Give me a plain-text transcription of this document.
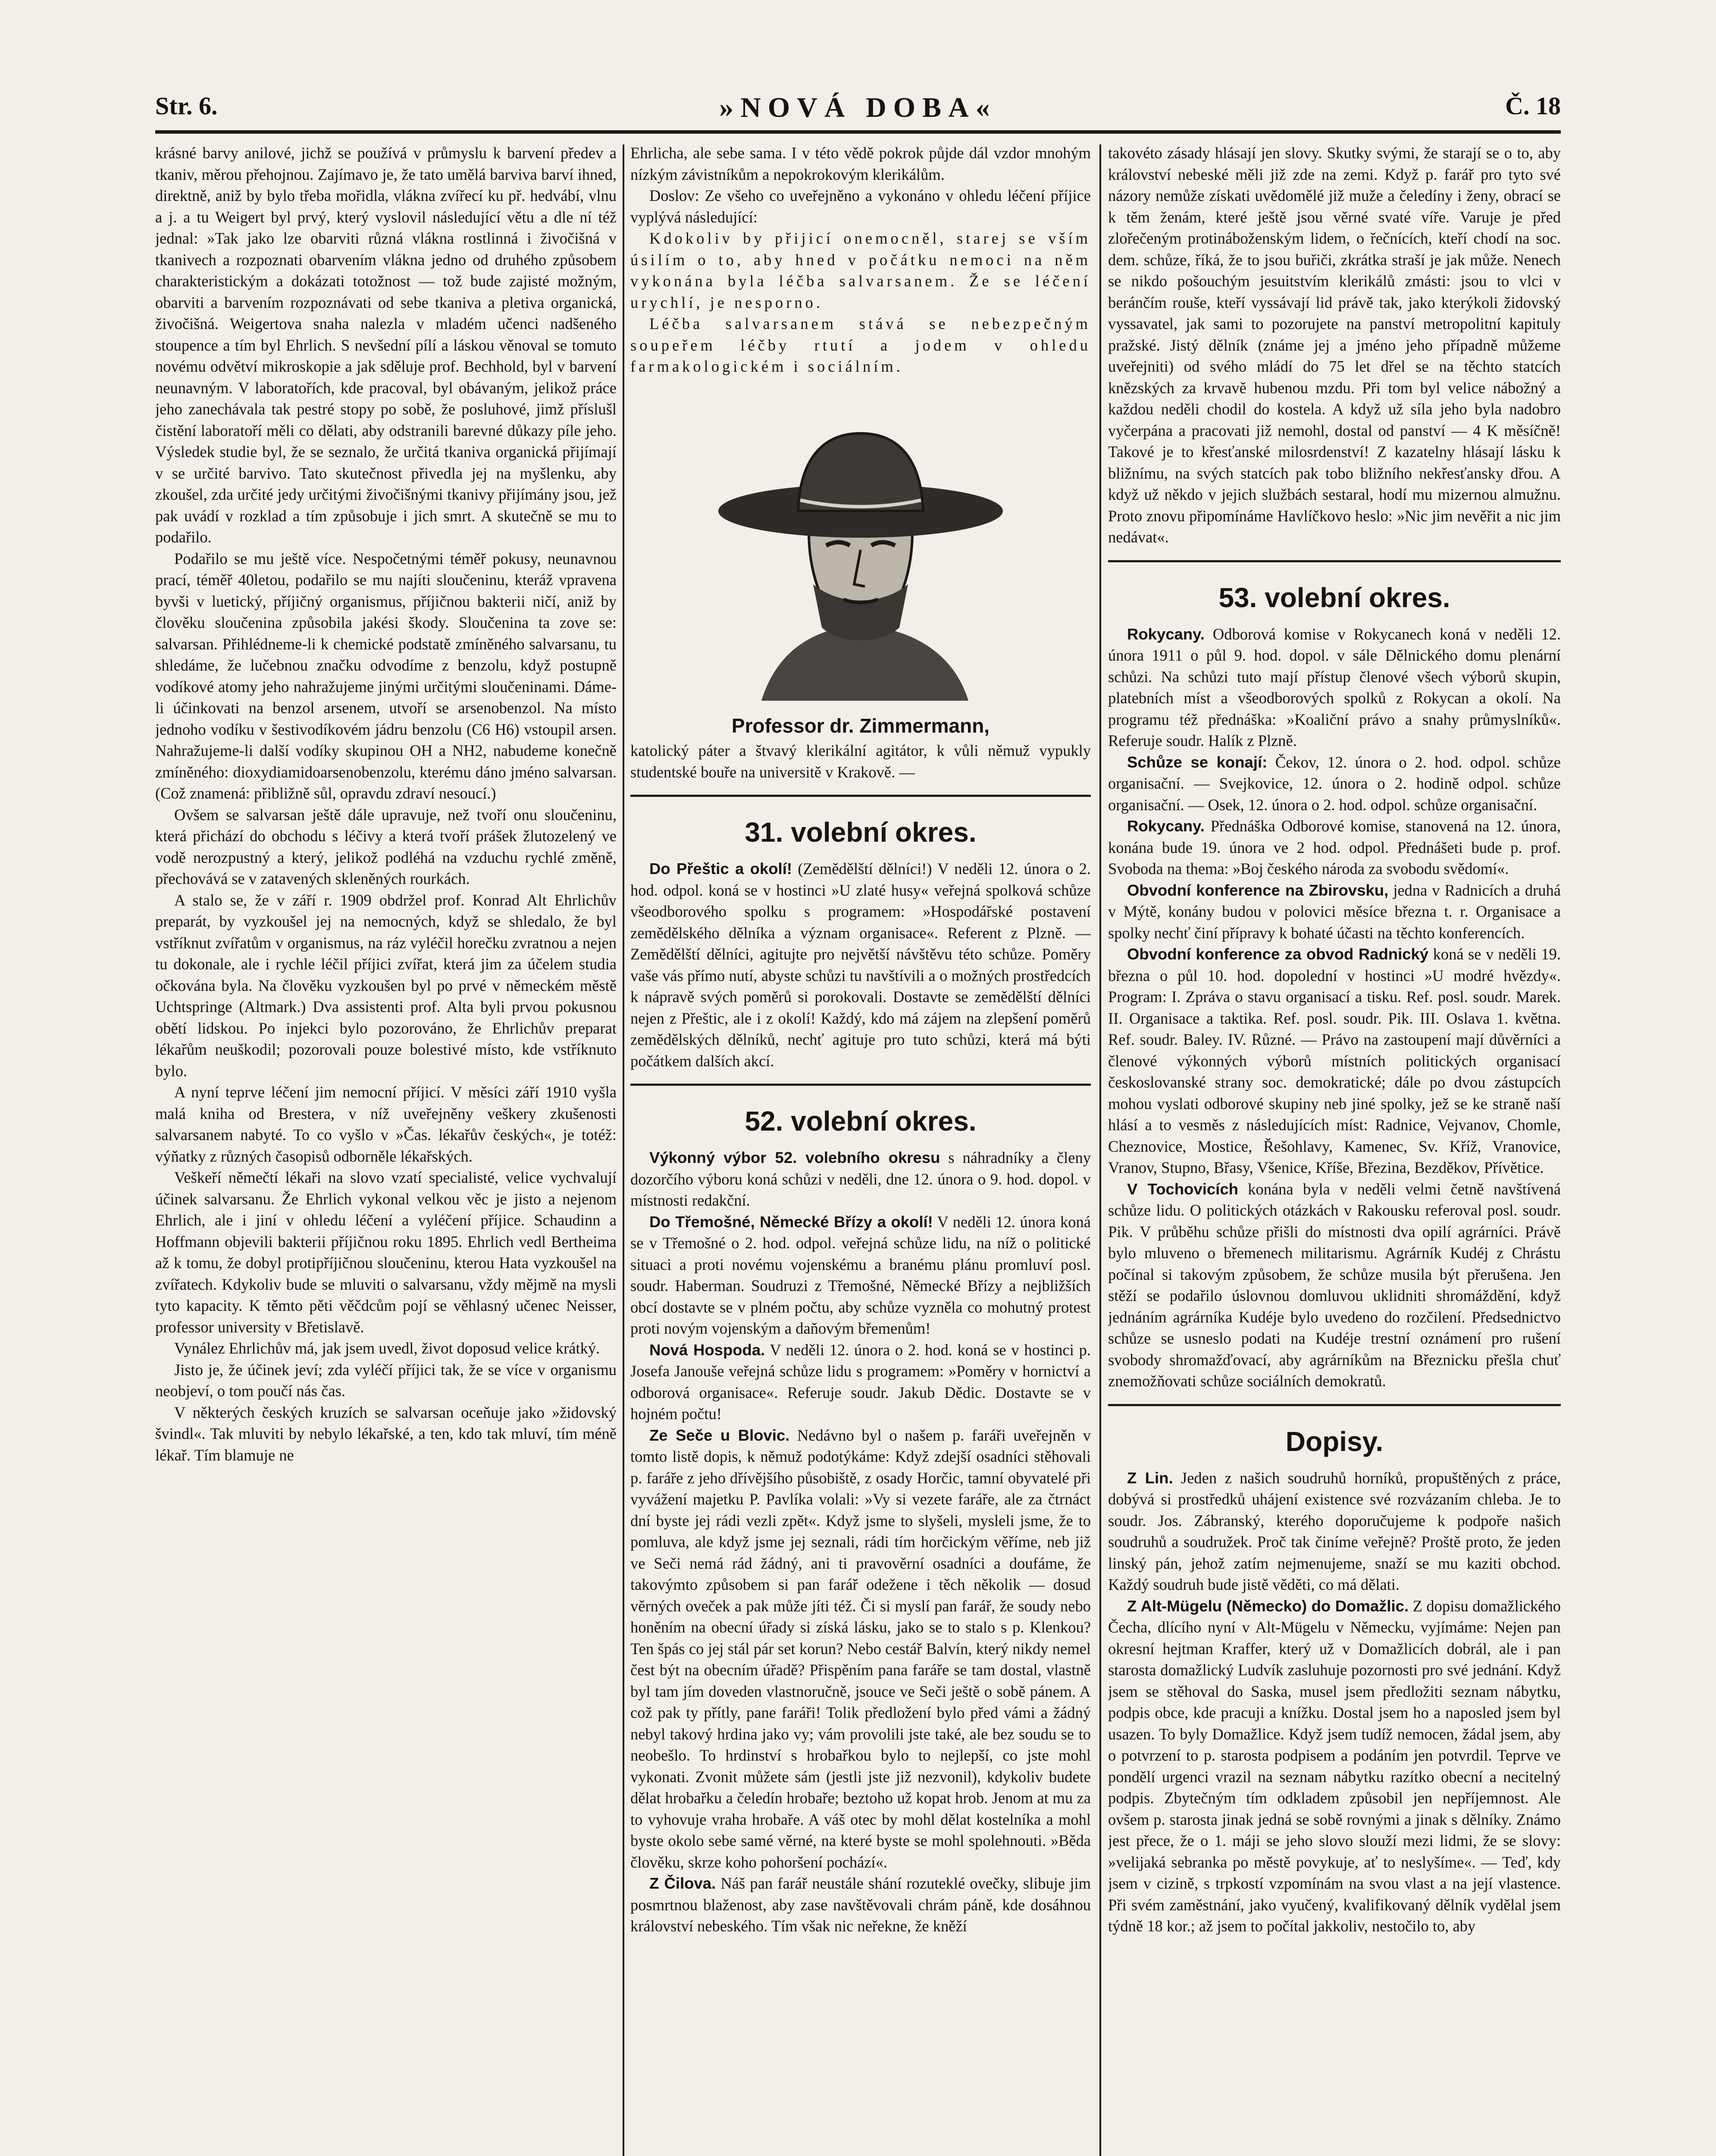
Str. 6.	»NOVÁ DOBA«	Č. 18

krásné barvy anilové, jichž se používá v průmyslu k barvení předev a tkaniv, měrou přehojnou. Zajímavo je, že tato umělá barviva barví ihned, direktně, aniž by bylo třeba mořidla, vlákna zvířecí ku př. hedvábí, vlnu a j. a tu Weigert byl prvý, který vyslovil následující větu a dle ní též jednal: »Tak jako lze obarviti různá vlákna rostlinná i živočišná v tkanivech a rozpoznati obarvením vlákna jedno od druhého způsobem charakteristickým a dokázati totožnost — tož bude zajisté možným, obarviti a barvením rozpoznávati od sebe tkaniva a pletiva organická, živočišná. Weigertova snaha nalezla v mladém učenci nadšeného stoupence a tím byl Ehrlich. S nevšední pílí a láskou věnoval se tomuto novému odvětví mikroskopie a jak sděluje prof. Bechhold, byl v barvení neunavným. V laboratořích, kde pracoval, byl obávaným, jelikož práce jeho zanechávala tak pestré stopy po sobě, že posluhové, jimž příslušl čistění laboratoří měli co dělati, aby odstranili barevné důkazy píle jeho. Výsledek studie byl, že se seznalo, že určitá tkaniva organická přijímají v se určité barvivo. Tato skutečnost přivedla jej na myšlenku, aby zkoušel, zda určité jedy určitými živočišnými tkanivy přijímány jsou, jež pak uvádí v rozklad a tím způsobuje i jich smrt. A skutečně se mu to podařilo.

Podařilo se mu ještě více. Nespočetnými téměř pokusy, neunavnou prací, téměř 40letou, podařilo se mu najíti sloučeninu, kteráž vpravena byvši v luetický, příjičný organismus, příjičnou bakterii ničí, aniž by člověku sloučenina způsobila jakési škody. Sloučenina ta zove se: salvarsan. Přihlédneme-li k chemické podstatě zmíněného salvarsanu, tu shledáme, že lučebnou značku odvodíme z benzolu, když postupně vodíkové atomy jeho nahražujeme jinými určitými sloučeninami. Dáme-li účinkovati na benzol arsenem, utvoří se arsenobenzol. Na místo jednoho vodíku v šestivodíkovém jádru benzolu (C6 H6) vstoupil arsen. Nahražujeme-li další vodíky skupinou OH a NH2, nabudeme konečně zmíněného: dioxydiamidoarsenobenzolu, kterému dáno jméno salvarsan. (Což znamená: přibližně sůl, opravdu zdraví nesoucí.)

Ovšem se salvarsan ještě dále upravuje, než tvoří onu sloučeninu, která přichází do obchodu s léčivy a která tvoří prášek žlutozelený ve vodě nerozpustný a který, jelikož podléhá na vzduchu rychlé změně, přechovává se v zatavených skleněných rourkách.

A stalo se, že v září r. 1909 obdržel prof. Konrad Alt Ehrlichův preparát, by vyzkoušel jej na nemocných, když se shledalo, že byl vstříknut zvířatům v organismus, na ráz vyléčil horečku zvratnou a nejen tu dokonale, ale i rychle léčil příjici zvířat, která jim za účelem studia očkována byla. Na člověku vyzkoušen byl po prvé v německém městě Uchtspringe (Altmark.) Dva assistenti prof. Alta byli prvou pokusnou obětí lidskou. Po injekci bylo pozorováno, že Ehrlichův preparat lékařům neuškodil; pozorovali pouze bolestivé místo, kde vstříknuto bylo.

A nyní teprve léčení jim nemocní příjicí. V měsíci září 1910 vyšla malá kniha od Brestera, v níž uveřejněny veškery zkušenosti salvarsanem nabyté. To co vyšlo v »Čas. lékařův českých«, je totéž: výňatky z různých časopisů odborněle lékařských.

Veškeří němečtí lékaři na slovo vzatí specialisté, velice vychvalují účinek salvarsanu. Že Ehrlich vykonal velkou věc je jisto a nejenom Ehrlich, ale i jiní v ohledu léčení a vyléčení příjice. Schaudinn a Hoffmann objevili bakterii příjičnou roku 1895. Ehrlich vedl Bertheima až k tomu, že dobyl protipříjičnou sloučeninu, kterou Hata vyzkoušel na zvířatech. Kdykoliv bude se mluviti o salvarsanu, vždy mějmě na mysli tyto kapacity. K těmto pěti věčdcům pojí se věhlasný učenec Neisser, professor university v Břetislavě.

Vynález Ehrlichův má, jak jsem uvedl, život doposud velice krátký.

Jisto je, že účinek jeví; zda vyléčí příjici tak, že se více v organismu neobjeví, o tom poučí nás čas.

V některých českých kruzích se salvarsan oceňuje jako »židovský švindl«. Tak mluviti by nebylo lékařské, a ten, kdo tak mluví, tím méně lékař. Tím blamuje ne

Ehrlicha, ale sebe sama. I v této vědě pokrok půjde dál vzdor mnohým nízkým závistníkům a nepokrokovým klerikálům.

Doslov: Ze všeho co uveřejněno a vykonáno v ohledu léčení příjice vyplývá následující:

Kdokoliv by přijicí onemocněl, starej se vším úsilím o to, aby hned v počátku nemoci na něm vykonána byla léčba salvarsanem. Že se léčení urychlí, je nesporno.

Léčba salvarsanem stává se nebezpečným soupeřem léčby rtutí a jodem v ohledu farmakologickém i sociálním.

Professor dr. Zimmermann,

katolický páter a štvavý klerikální agitátor, k vůli němuž vypukly studentské bouře na universitě v Krakově. —

31. volební okres.

Do Přeštic a okolí! (Zemědělští dělníci!) V neděli 12. února o 2. hod. odpol. koná se v hostinci »U zlaté husy« veřejná spolková schůze všeodborového spolku s programem: »Hospodářské postavení zemědělského dělníka a význam organisace«. Referent z Plzně. — Zemědělští dělníci, agitujte pro největší návštěvu této schůze. Poměry vaše vás přímo nutí, abyste schůzi tu navštívili a o možných prostředcích k nápravě svých poměrů si porokovali. Dostavte se zemědělští dělníci nejen z Přeštic, ale i z okolí! Každý, kdo má zájem na zlepšení poměrů zemědělských dělníků, nechť agituje pro tuto schůzi, která má býti počátkem dalších akcí.

52. volební okres.

Výkonný výbor 52. volebního okresu s náhradníky a členy dozorčího výboru koná schůzi v neděli, dne 12. února o 9. hod. dopol. v místnosti redakční.

Do Třemošné, Německé Břízy a okolí! V neděli 12. února koná se v Třemošné o 2. hod. odpol. veřejná schůze lidu, na níž o politické situaci a proti novému vojenskému a branému plánu promluví posl. soudr. Haberman. Soudruzi z Třemošné, Německé Břízy a nejbližších obcí dostavte se v plném počtu, aby schůze vyzněla co mohutný protest proti novým vojenským a daňovým břemenům!

Nová Hospoda. V neděli 12. února o 2. hod. koná se v hostinci p. Josefa Janouše veřejná schůze lidu s programem: »Poměry v hornictví a odborová organisace«. Referuje soudr. Jakub Dědic. Dostavte se v hojném počtu!

Ze Seče u Blovic. Nedávno byl o našem p. faráři uveřejněn v tomto listě dopis, k němuž podotýkáme: Když zdejší osadníci stěhovali p. faráře z jeho dřívějšího působiště, z osady Horčic, tamní obyvatelé při vyvážení majetku P. Pavlíka volali: »Vy si vezete faráře, ale za čtrnáct dní byste jej rádi vezli zpět«. Když jsme to slyšeli, mysleli jsme, že to pomluva, ale když jsme jej seznali, rádi tím horčickým věříme, neb již ve Seči nemá rád žádný, ani ti pravověrní osadníci a doufáme, že takovýmto způsobem si pan farář odežene i těch několik — dosud věrných oveček a pak může jíti též. Či si myslí pan farář, že soudy nebo honěním na obecní úřady si získá lásku, jako se to stalo s p. Klenkou? Ten špás co jej stál pár set korun? Nebo cestář Balvín, který nikdy nemel čest být na obecním úřadě? Přispěním pana faráře se tam dostal, vlastně byl tam jím doveden vlastnoručně, jsouce ve Seči ještě o sobě pánem. A což pak ty přítly, pane faráři! Tolik předložení bylo před vámi a žádný nebyl takový hrdina jako vy; vám provolili jste také, ale bez soudu se to neobešlo. To hrdinství s hrobařkou bylo to nejlepší, co jste mohl vykonati. Zvonit můžete sám (jestli jste již nezvonil), kdykoliv budete dělat hrobařku a čeledín hrobaře; beztoho už kopat hrob. Jenom at mu za to vyhovuje vraha hrobaře. A váš otec by mohl dělat kostelníka a mohl byste okolo sebe samé věrné, na které byste se mohl spolehnouti. »Běda člověku, skrze koho pohoršení pochází«.

Z Čilova. Náš pan farář neustále shání rozuteklé ovečky, slibuje jim posmrtnou blaženost, aby zase navštěvovali chrám páně, kde dosáhnou království nebeského. Tím však nic neřekne, že kněží

takovéto zásady hlásají jen slovy. Skutky svými, že starají se o to, aby království nebeské měli již zde na zemi. Když p. farář pro tyto své názory nemůže získati uvědomělé již muže a čeledíny i ženy, obrací se k těm ženám, které ještě jsou věrné svaté víře. Varuje je před zlořečeným protináboženským lidem, o řečnících, kteří chodí na soc. dem. schůze, říká, že to jsou buřiči, zkrátka straší je jak může. Nenech se nikdo pošouchým jesuitstvím klerikálů zmásti: jsou to vlci v beránčím rouše, kteří vyssávají lid právě tak, jako kterýkoli židovský vyssavatel, jak sami to pozorujete na panství metropolitní kapituly pražské. Jistý dělník (známe jej a jméno jeho případně můžeme uveřejniti) od svého mládí do 75 let dřel se na těchto statcích knězských za krvavě hubenou mzdu. Při tom byl velice nábožný a každou neděli chodil do kostela. A když už síla jeho byla nadobro vyčerpána a pracovati již nemohl, dostal od panství — 4 K měsíčně! Takové je to křesťanské milosrdenství! Z kazatelny hlásají lásku k bližnímu, na svých statcích pak tobo bližního nekřesťansky dřou. A když už někdo v jejich službách sestaral, hodí mu mizernou almužnu. Proto znovu připomínáme Havlíčkovo heslo: »Nic jim nevěřit a nic jim nedávat«.

53. volební okres.

Rokycany. Odborová komise v Rokycanech koná v neděli 12. února 1911 o půl 9. hod. dopol. v sále Dělnického domu plenární schůzi. Na schůzi tuto mají přístup členové všech výborů skupin, platebních míst a všeodborových spolků z Rokycan a okolí. Na programu též přednáška: »Koaliční právo a snahy průmyslníků«. Referuje soudr. Halík z Plzně.

Schůze se konají: Čekov, 12. února o 2. hod. odpol. schůze organisační. — Svejkovice, 12. února o 2. hodině odpol. schůze organisační. — Osek, 12. února o 2. hod. odpol. schůze organisační.

Rokycany. Přednáška Odborové komise, stanovená na 12. února, konána bude 19. února ve 2 hod. odpol. Přednášeti bude p. prof. Svoboda na thema: »Boj českého národa za svobodu svědomí«.

Obvodní konference na Zbirovsku, jedna v Radnicích a druhá v Mýtě, konány budou v polovici měsíce března t. r. Organisace a spolky nechť činí přípravy k bohaté účasti na těchto konferencích.

Obvodní konference za obvod Radnický koná se v neděli 19. března o půl 10. hod. dopolední v hostinci »U modré hvězdy«. Program: I. Zpráva o stavu organisací a tisku. Ref. posl. soudr. Marek. II. Organisace a taktika. Ref. posl. soudr. Pik. III. Oslava 1. května. Ref. soudr. Baley. IV. Různé. — Právo na zastoupení mají důvěrníci a členové výkonných výborů místních politických organisací českoslovanské strany soc. demokratické; dále po dvou zástupcích mohou vyslati odborové skupiny neb jiné spolky, jež se ke straně naší hlásí a to vesměs z následujících míst: Radnice, Vejvanov, Chomle, Cheznovice, Mostice, Řešohlavy, Kamenec, Sv. Kříž, Vranovice, Vranov, Stupno, Břasy, Všenice, Kříše, Březina, Bezděkov, Přívětice.

V Tochovicích konána byla v neděli velmi četně navštívená schůze lidu. O politických otázkách v Rakousku referoval posl. soudr. Pik. V průběhu schůze přišli do místnosti dva opilí agrárníci. Právě bylo mluveno o břemenech militarismu. Agrárník Kudéj z Chrástu počínal si takovým způsobem, že schůze musila být přerušena. Jen stěží se podařilo úslovnou domluvou uklidniti shromáždění, když jednáním agrárníka Kudéje bylo uvedeno do rozčilení. Předsednictvo schůze se usneslo podati na Kudéje trestní oznámení pro rušení svobody shromažďovací, aby agrárníkům na Březnicku přešla chuť znemožňovati schůze sociálních demokratů.

Dopisy.

Z Lin. Jeden z našich soudruhů horníků, propuštěných z práce, dobývá si prostředků uhájení existence své rozvázaním chleba. Je to soudr. Jos. Zábranský, kterého doporučujeme k podpoře našich soudruhů a soudružek. Proč tak činíme veřejně? Proště proto, že jeden linský pán, jehož zatím nejmenujeme, snaží se mu kaziti obchod. Každý soudruh bude jistě věděti, co má dělati.

Z Alt-Mügelu (Německo) do Domažlic. Z dopisu domažlického Čecha, dlícího nyní v Alt-Mügelu v Německu, vyjímáme: Nejen pan okresní hejtman Kraffer, který už v Domažlicích dobrál, ale i pan starosta domažlický Ludvík zasluhuje pozornosti pro své jednání. Když jsem se stěhoval do Saska, musel jsem předložiti seznam nábytku, podpis obce, kde pracuji a knížku. Dostal jsem ho a naposled jsem byl usazen. To byly Domažlice. Když jsem tudíž nemocen, žádal jsem, aby o potvrzení to p. starosta podpisem a podáním jen potvrdil. Teprve ve pondělí urgenci vrazil na seznam nábytku razítko obecní a necitelný podpis. Zbytečným tím odkladem způsobil jen nepříjemnost. Ale ovšem p. starosta jinak jedná se sobě rovnými a jinak s dělníky. Známo jest přece, že o 1. máji se jeho slovo slouží mezi lidmi, že se slovy: »velijaká sebranka po městě povykuje, ať to neslyšíme«. — Teď, kdy jsem v cizině, s trpkostí vzpomínám na svou vlast a na její vlastence. Při svém zaměstnání, jako vyučený, kvalifikovaný dělník vydělal jsem týdně 18 kor.; až jsem to počítal jakkoliv, nestočilo to, aby
